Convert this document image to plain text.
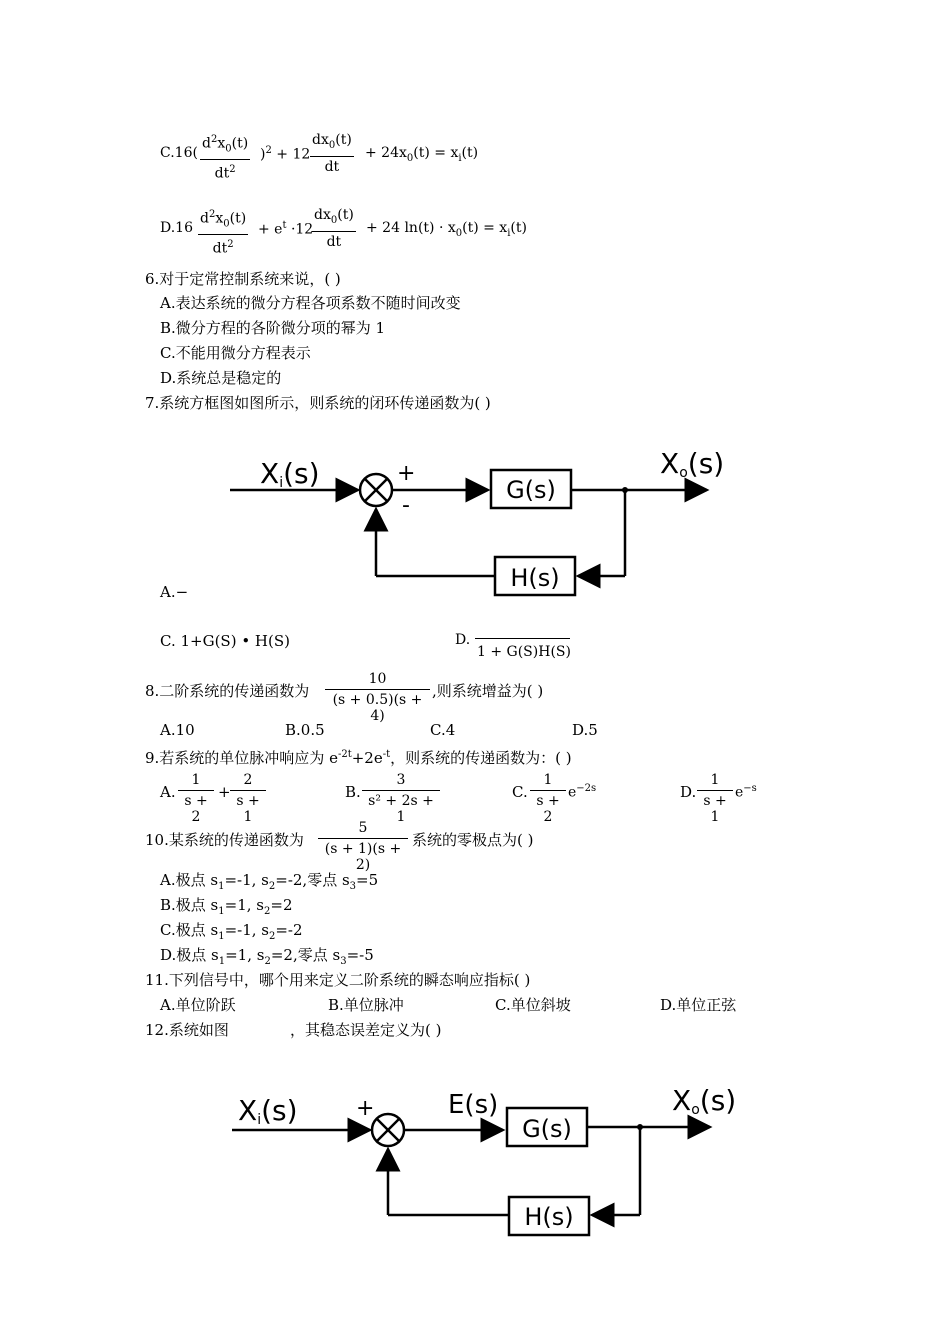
C.16(
$d^2x_0(t)$
$dt^2$
)$^2$ + 12
$dx_0(t)$
dt
+ $24x_0(t) = x_i(t)$
D.16
$d^2x_0(t)$
$dt^2$
+ $e^t \cdot 12$
$dx_0(t)$
dt
+ 24 $\ln(t) \cdot x_0(t) = x_i(t)$
6.对于定常控制系统来说，( )
A.表达系统的微分方程各项系数不随时间改变
B.微分方程的各阶微分项的幂为 1
C.不能用微分方程表示
D.系统总是稳定的
7.系统方框图如图所示，则系统的闭环传递函数为( )
Xi(s)	+
-
G(s)
Xo(s)
H(s)
A.−
C. 1+G(S) • H(S)	D.
1 + G(S)H(S)
8.二阶系统的传递函数为
10
(s + 0.5)(s + 4)
,则系统增益为( )
A.10	B.0.5	C.4	D.5
9.若系统的单位脉冲响应为 $e^{-2t}+2e^{-t}$，则系统的传递函数为：( )
A.
1
s + 2
+
2
s + 1
B.
3
s² + 2s + 1
C.
1
s + 2
$e^{-2s}$	D.
1
s + 1
$e^{-s}$
10.某系统的传递函数为
5
(s + 1)(s + 2)
系统的零极点为( )
A.极点 $s_1=-1$, $s_2=-2$,零点 $s_3=5$
B.极点 $s_1=1$, $s_2=2$
C.极点 $s_1=-1$, $s_2=-2$
D.极点 $s_1=1$, $s_2=2$,零点 $s_3=-5$
11.下列信号中，哪个用来定义二阶系统的瞬态响应指标( )
A.单位阶跃	B.单位脉冲	C.单位斜坡	D.单位正弦
12.系统如图	，其稳态误差定义为( )
Xi(s)	+	E(s)
G(s)
Xo(s)
H(s)
